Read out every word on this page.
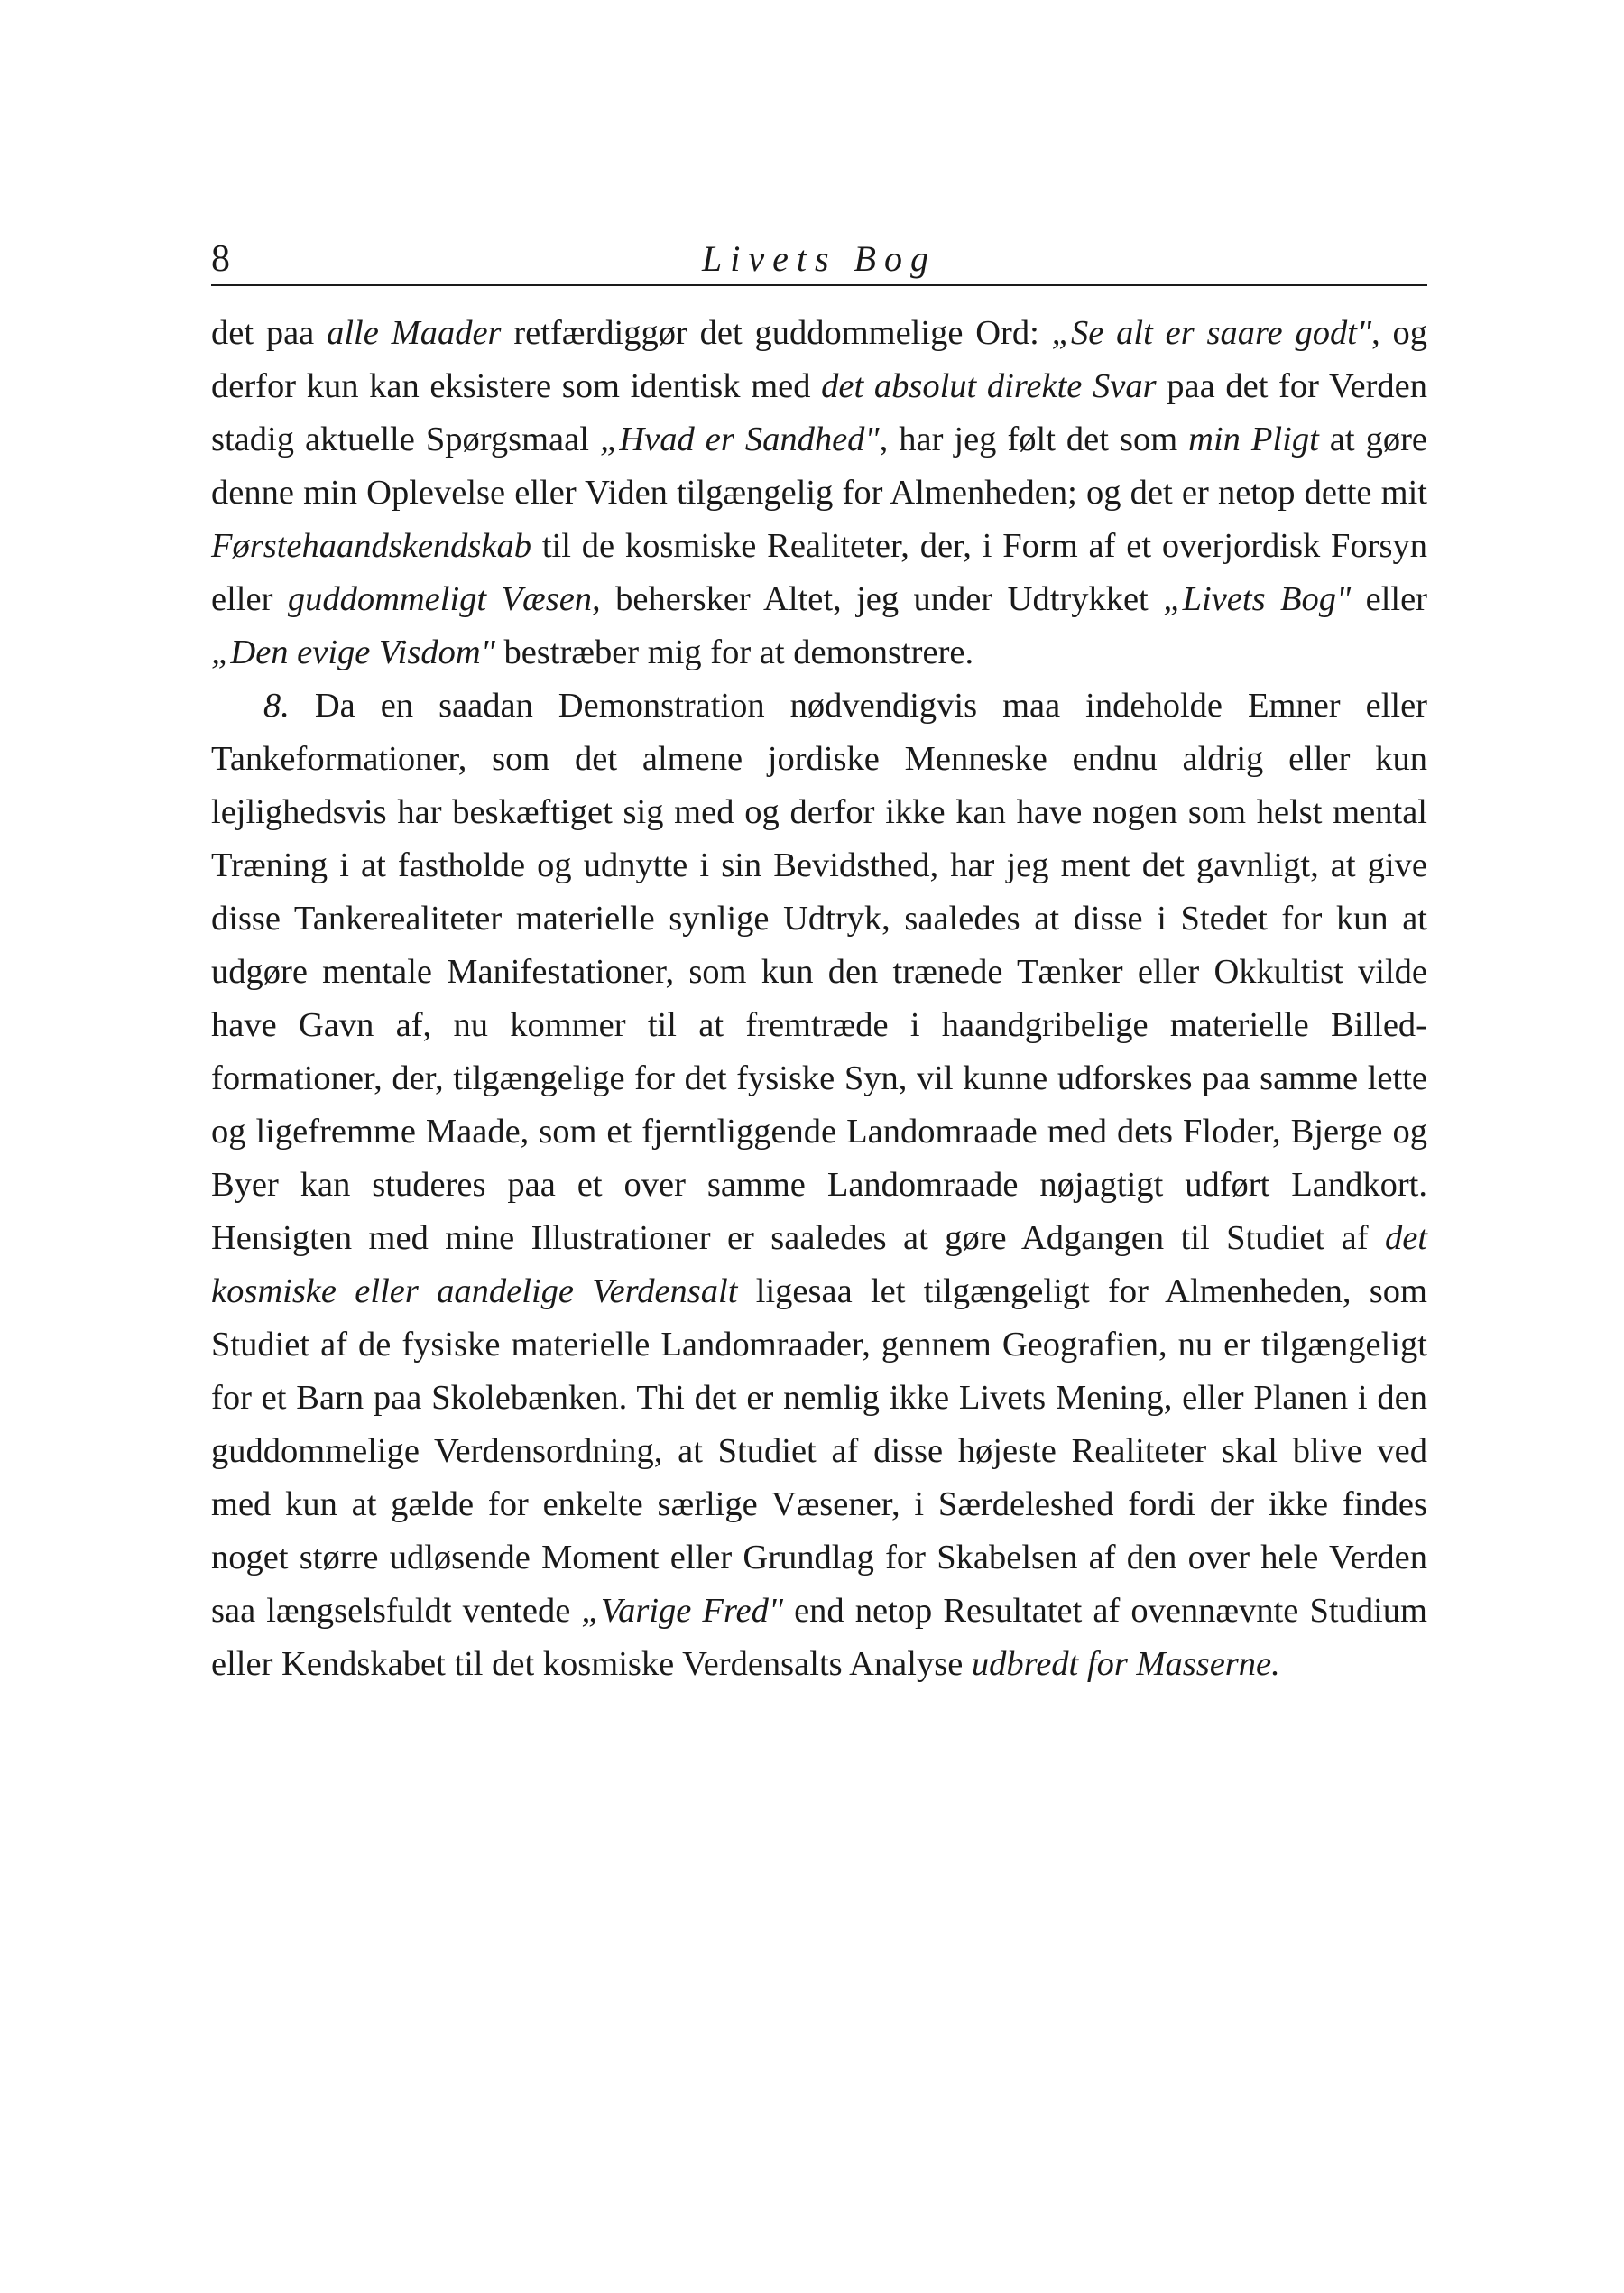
8	Livets Bog

det paa alle Maader retfærdiggør det guddommelige Ord: „Se alt er saare godt", og derfor kun kan eksistere som identisk med det absolut direkte Svar paa det for Verden stadig aktuelle Spørgsmaal „Hvad er Sandhed", har jeg følt det som min Pligt at gøre denne min Oplevelse eller Viden tilgængelig for Almenheden; og det er netop dette mit Førstehaandskendskab til de kosmiske Realiteter, der, i Form af et overjordisk Forsyn eller guddommeligt Væsen, behersker Altet, jeg under Udtrykket „Livets Bog" eller „Den evige Visdom" bestræber mig for at demonstrere.

8. Da en saadan Demonstration nødvendigvis maa indeholde Emner eller Tankeformationer, som det almene jordiske Menneske endnu aldrig eller kun lejlighedsvis har beskæftiget sig med og derfor ikke kan have nogen som helst mental Træning i at fastholde og udnytte i sin Bevidsthed, har jeg ment det gavnligt, at give disse Tankerealiteter materielle synlige Udtryk, saaledes at disse i Stedet for kun at udgøre mentale Manifestationer, som kun den trænede Tænker eller Okkultist vilde have Gavn af, nu kommer til at fremtræde i haandgribelige materielle Billedformationer, der, tilgængelige for det fysiske Syn, vil kunne udforskes paa samme lette og ligefremme Maade, som et fjerntliggende Landomraade med dets Floder, Bjerge og Byer kan studeres paa et over samme Landomraade nøjagtigt udført Landkort. Hensigten med mine Illustrationer er saaledes at gøre Adgangen til Studiet af det kosmiske eller aandelige Verdensalt ligesaa let tilgængeligt for Almenheden, som Studiet af de fysiske materielle Landomraader, gennem Geografien, nu er tilgængeligt for et Barn paa Skolebænken. Thi det er nemlig ikke Livets Mening, eller Planen i den guddommelige Verdensordning, at Studiet af disse højeste Realiteter skal blive ved med kun at gælde for enkelte særlige Væsener, i Særdeleshed fordi der ikke findes noget større udløsende Moment eller Grundlag for Skabelsen af den over hele Verden saa længselsfuldt ventede „Varige Fred" end netop Resultatet af ovennævnte Studium eller Kendskabet til det kosmiske Verdensalts Analyse udbredt for Masserne.
